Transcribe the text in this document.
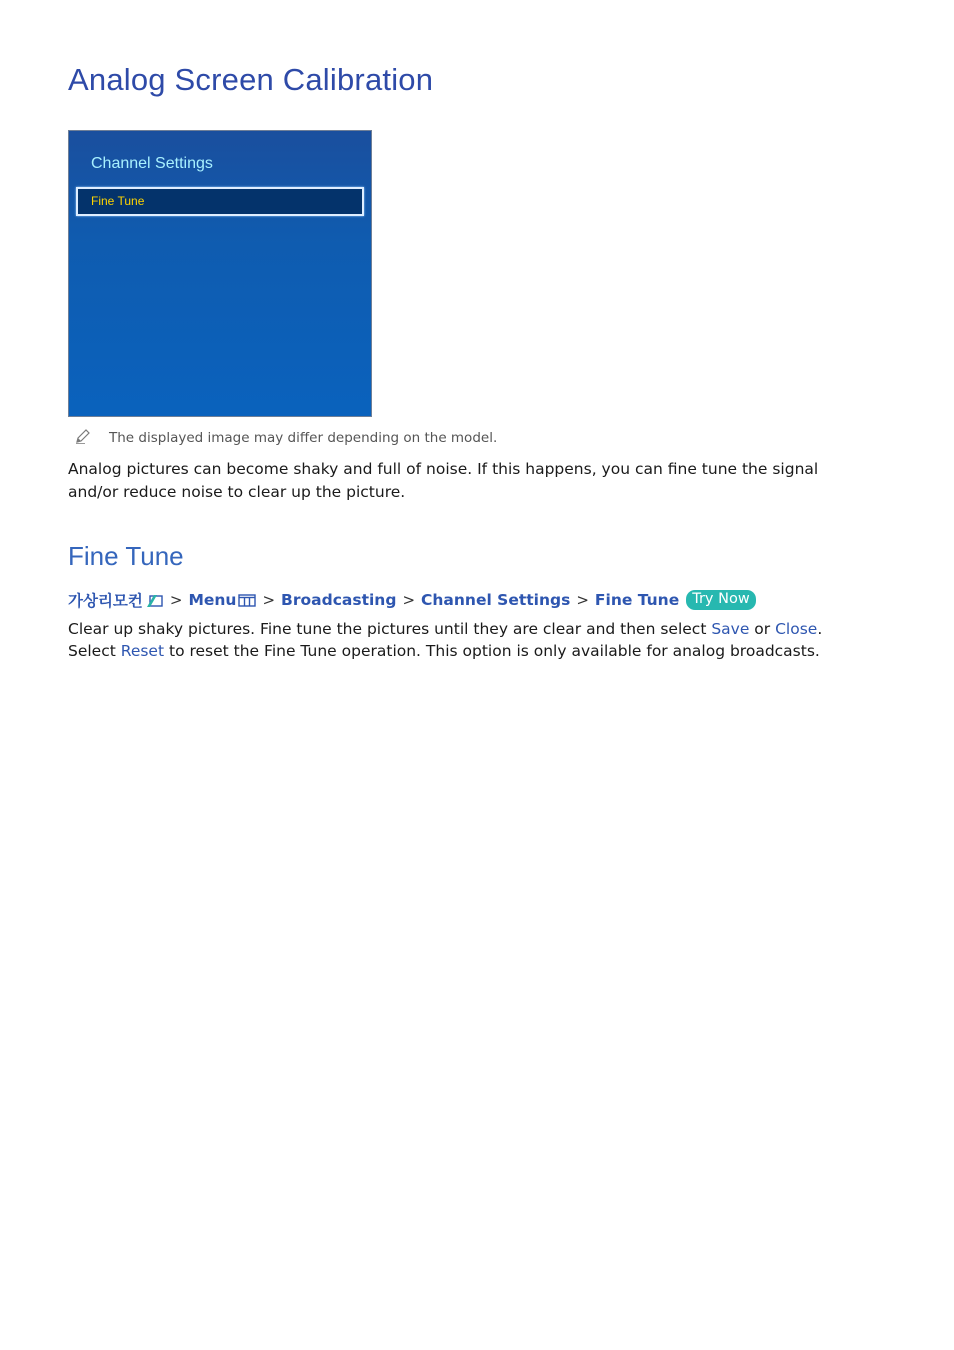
Analog Screen Calibration
Channel Settings
Fine Tune
The displayed image may differ depending on the model.

Analog pictures can become shaky and full of noise. If this happens, you can fine tune the signal

and/or reduce noise to clear up the picture.

Fine Tune
가상리모컨 > Menu > Broadcasting > Channel Settings > Fine Tune Try Now

Clear up shaky pictures. Fine tune the pictures until they are clear and then select Save or Close.

Select Reset to reset the Fine Tune operation. This option is only available for analog broadcasts.
